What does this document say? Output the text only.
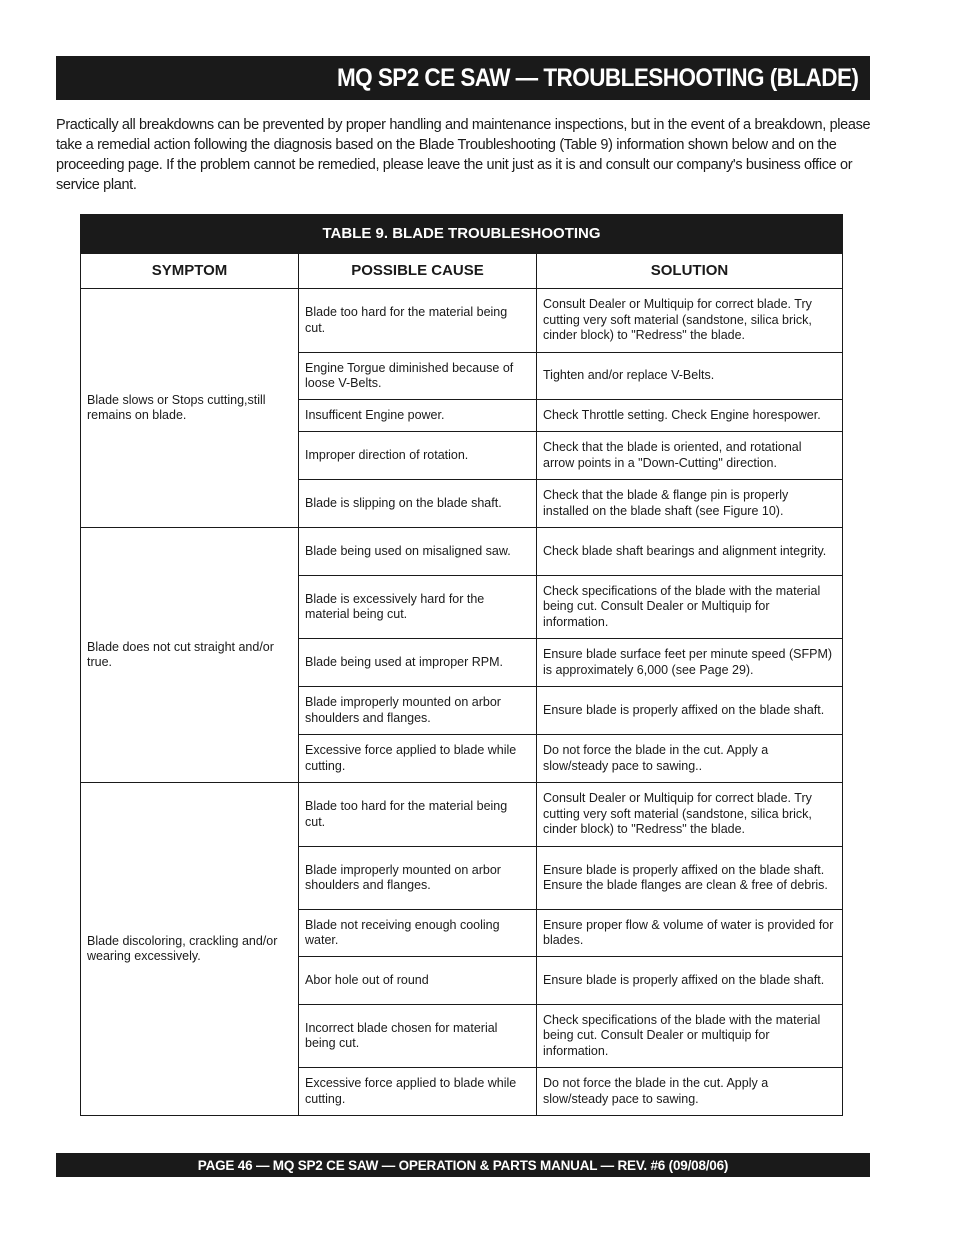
MQ SP2 CE SAW — TROUBLESHOOTING (BLADE)

Practically all breakdowns can be prevented by proper handling and maintenance inspections, but in the event of a breakdown, please take a remedial action following the diagnosis based on the Blade Troubleshooting (Table 9) information shown below and on the proceeding page. If the problem cannot be remedied, please leave the unit just as it is and consult our company's business office or service plant.

TABLE 9. BLADE TROUBLESHOOTING		
SYMPTOM	POSSIBLE CAUSE	SOLUTION
Blade slows or Stops cutting,still remains on blade.	Blade too hard for the material being cut.	Consult Dealer or Multiquip for correct blade. Try cutting very soft material (sandstone, silica brick, cinder block) to "Redress" the blade.
	Engine Torgue diminished because of loose V-Belts.	Tighten and/or replace V-Belts.
	Insufficent Engine power.	Check Throttle setting. Check Engine horespower.
	Improper direction of rotation.	Check that the blade is oriented, and rotational arrow points in a "Down-Cutting" direction.
	Blade is slipping on the blade shaft.	Check that the blade & flange pin is properly installed on the blade shaft (see Figure 10).
Blade does not cut straight and/or true.	Blade being used on misaligned saw.	Check blade shaft bearings and alignment integrity.
	Blade is excessively hard for the material being cut.	Check specifications of the blade with the material being cut. Consult Dealer or Multiquip for information.
	Blade being used at improper RPM.	Ensure blade surface feet per minute speed (SFPM) is approximately 6,000 (see Page 29).
	Blade improperly mounted on arbor shoulders and flanges.	Ensure blade is properly affixed on the blade shaft.
	Excessive force applied to blade while cutting.	Do not force the blade in the cut. Apply a slow/steady pace to sawing..
Blade discoloring, crackling and/or wearing excessively.	Blade too hard for the material being cut.	Consult Dealer or Multiquip for correct blade. Try cutting very soft material (sandstone, silica brick, cinder block) to "Redress" the blade.
	Blade improperly mounted on arbor shoulders and flanges.	Ensure blade is properly affixed on the blade shaft. Ensure the blade flanges are clean & free of debris.
	Blade not receiving enough cooling water.	Ensure proper flow & volume of water is provided for blades.
	Abor hole out of round	Ensure blade is properly affixed on the blade shaft.
	Incorrect blade chosen for material being cut.	Check specifications of the blade with the material being cut. Consult Dealer or multiquip for information.
	Excessive force applied to blade while cutting.	Do not force the blade in the cut. Apply a slow/steady pace to sawing.
PAGE 46 — MQ SP2 CE SAW — OPERATION & PARTS MANUAL — REV. #6 (09/08/06)
